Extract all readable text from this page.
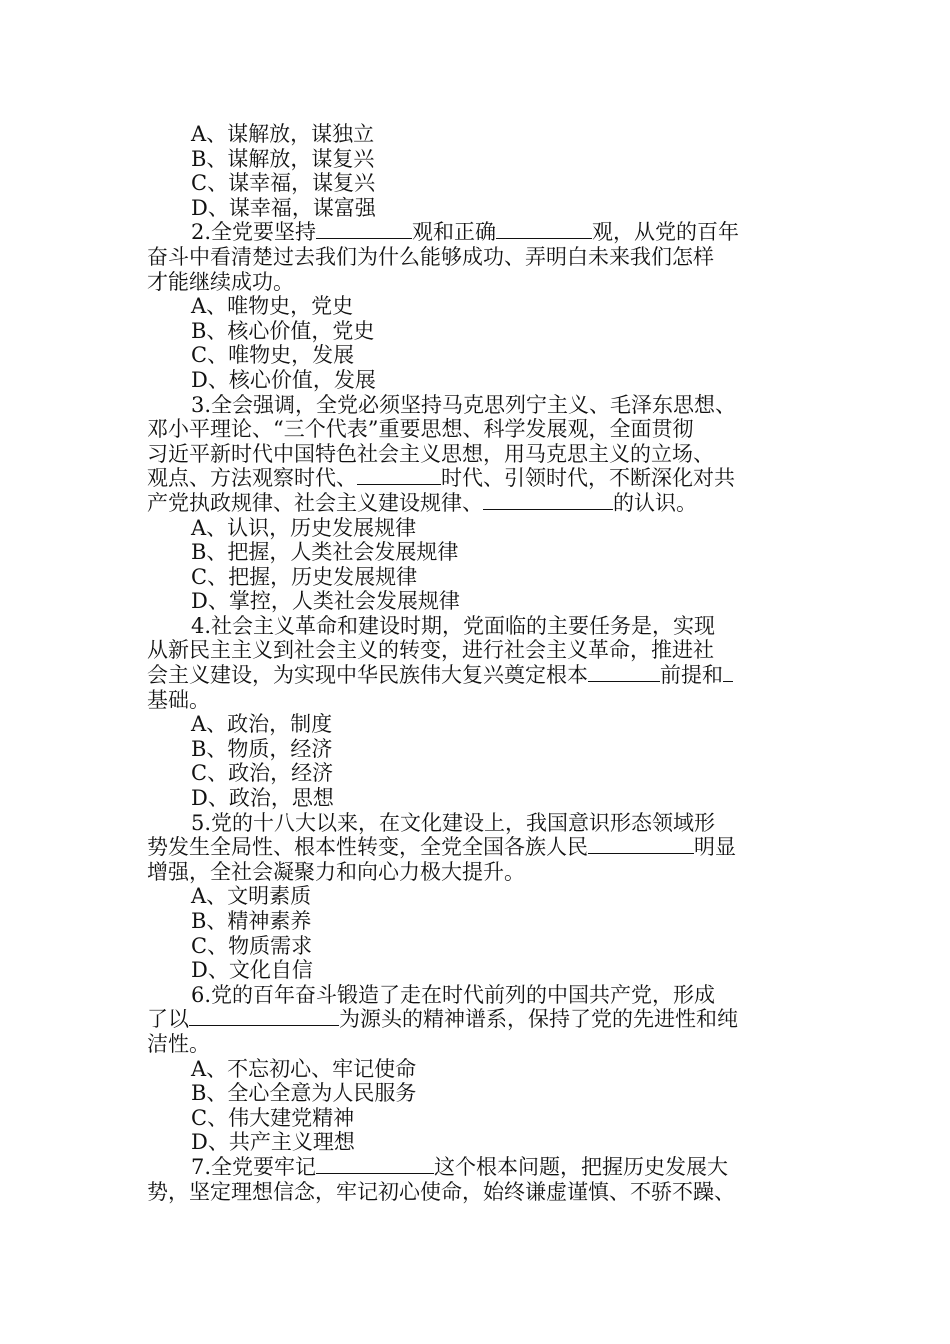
A、谋解放，谋独立
B、谋解放，谋复兴
C、谋幸福，谋复兴
D、谋幸福，谋富强
2.全党要坚持	观和正确	观，从党的百年
奋斗中看清楚过去我们为什么能够成功、弄明白未来我们怎样
才能继续成功。
A、唯物史，党史
B、核心价值，党史
C、唯物史，发展
D、核心价值，发展
3.全会强调，全党必须坚持马克思列宁主义、毛泽东思想、
邓小平理论、“三个代表”重要思想、科学发展观，全面贯彻
习近平新时代中国特色社会主义思想，用马克思主义的立场、
观点、方法观察时代、	时代、引领时代，不断深化对共
产党执政规律、社会主义建设规律、	的认识。
A、认识，历史发展规律
B、把握，人类社会发展规律
C、把握，历史发展规律
D、掌控，人类社会发展规律
4.社会主义革命和建设时期，党面临的主要任务是，实现
从新民主主义到社会主义的转变，进行社会主义革命，推进社
会主义建设，为实现中华民族伟大复兴奠定根本	前提和
基础。
A、政治，制度
B、物质，经济
C、政治，经济
D、政治，思想
5.党的十八大以来，在文化建设上，我国意识形态领域形
势发生全局性、根本性转变，全党全国各族人民	明显
增强，全社会凝聚力和向心力极大提升。
A、文明素质
B、精神素养
C、物质需求
D、文化自信
6.党的百年奋斗锻造了走在时代前列的中国共产党，形成
了以	为源头的精神谱系，保持了党的先进性和纯
洁性。
A、不忘初心、牢记使命
B、全心全意为人民服务
C、伟大建党精神
D、共产主义理想
7.全党要牢记	这个根本问题，把握历史发展大
势，坚定理想信念，牢记初心使命，始终谦虚谨慎、不骄不躁、
